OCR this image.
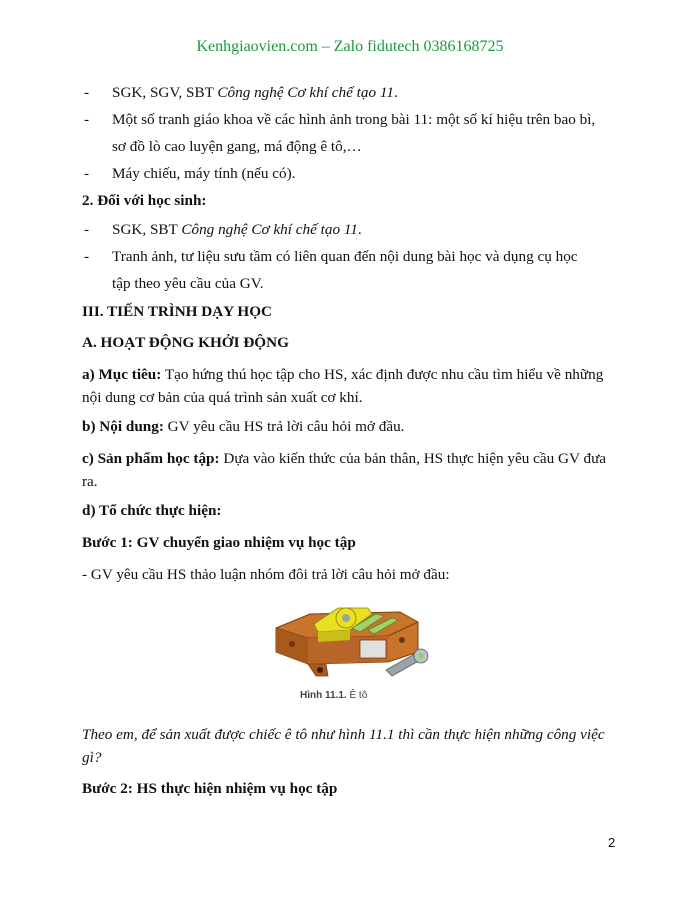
Kenhgiaovien.com – Zalo fidutech 0386168725
-	SGK, SGV, SBT Công nghệ Cơ khí chế tạo 11.
-	Một số tranh giáo khoa về các hình ảnh trong bài 11: một số kí hiệu trên bao bì,
sơ đồ lò cao luyện gang, má động ê tô,…
-	Máy chiếu, máy tính (nếu có).
2. Đối với học sinh:
-	SGK, SBT Công nghệ Cơ khí chế tạo 11.
-	Tranh ảnh, tư liệu sưu tầm có liên quan đến nội dung bài học và dụng cụ học
tập theo yêu cầu của GV.
III. TIẾN TRÌNH DẠY HỌC
A. HOẠT ĐỘNG KHỞI ĐỘNG
a) Mục tiêu: Tạo hứng thú học tập cho HS, xác định được nhu cầu tìm hiểu về những
nội dung cơ bản của quá trình sản xuất cơ khí.
b) Nội dung: GV yêu cầu HS trả lời câu hỏi mở đầu.
c) Sản phẩm học tập: Dựa vào kiến thức của bản thân, HS thực hiện yêu cầu GV đưa
ra.
d) Tổ chức thực hiện:
Bước 1: GV chuyển giao nhiệm vụ học tập
- GV yêu cầu HS thảo luận nhóm đôi trả lời câu hỏi mở đầu:
Theo em, để sản xuất được chiếc ê tô như hình 11.1 thì cần thực hiện những công việc
gì?
Bước 2: HS thực hiện nhiệm vụ học tập
Hình 11.1. Ê tô
2
